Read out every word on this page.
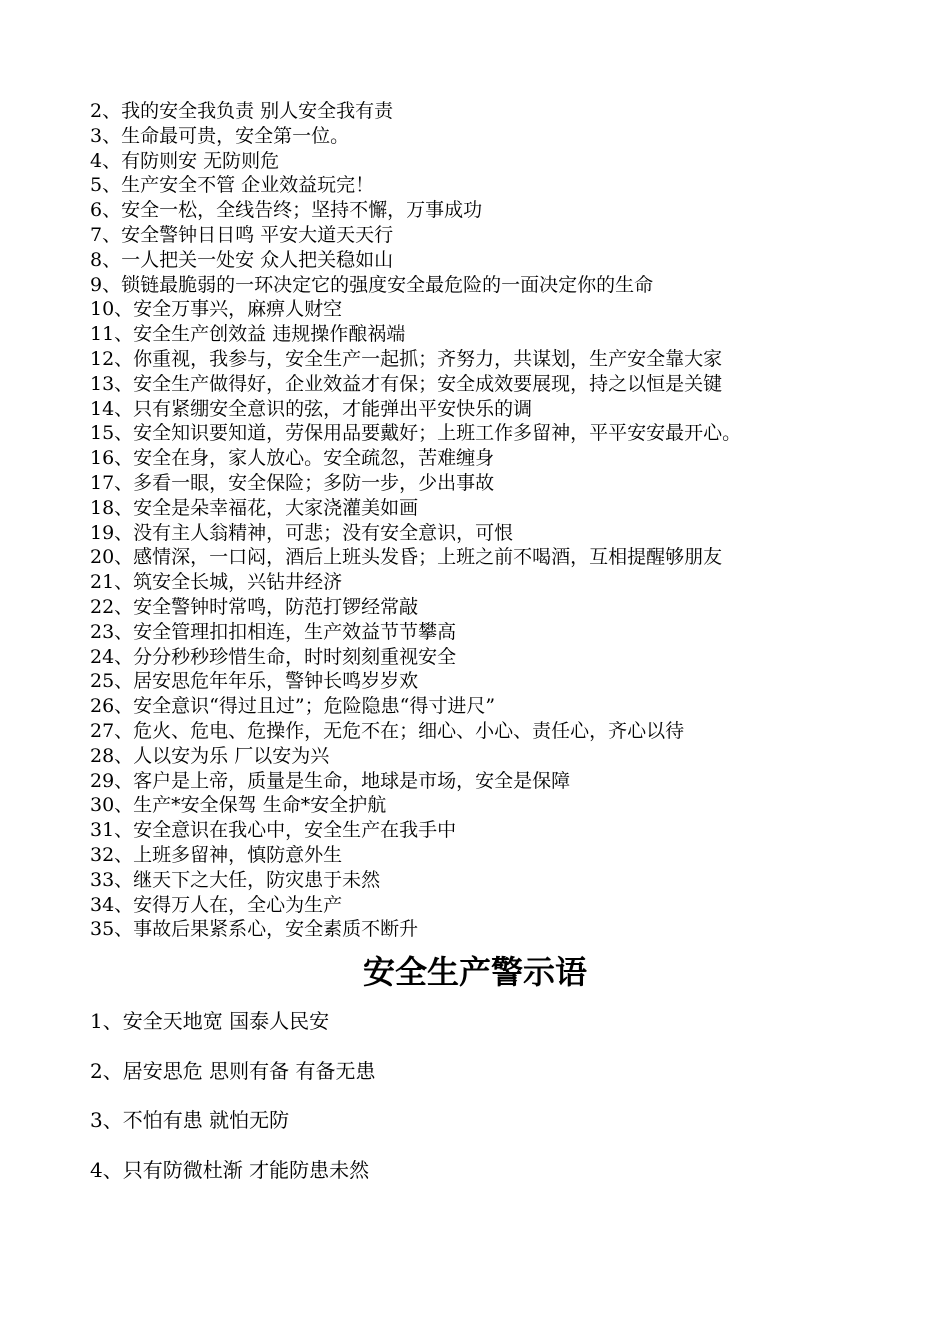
2、我的安全我负责 别人安全我有责
3、生命最可贵，安全第一位。
4、有防则安 无防则危
5、生产安全不管 企业效益玩完！
6、安全一松，全线告终；坚持不懈，万事成功
7、安全警钟日日鸣 平安大道天天行
8、一人把关一处安 众人把关稳如山
9、锁链最脆弱的一环决定它的强度安全最危险的一面决定你的生命
10、安全万事兴，麻痹人财空
11、安全生产创效益 违规操作酿祸端
12、你重视，我参与，安全生产一起抓；齐努力，共谋划，生产安全靠大家
13、安全生产做得好，企业效益才有保；安全成效要展现，持之以恒是关键
14、只有紧绷安全意识的弦，才能弹出平安快乐的调
15、安全知识要知道，劳保用品要戴好；上班工作多留神，平平安安最开心。
16、安全在身，家人放心。安全疏忽，苦难缠身
17、多看一眼，安全保险；多防一步，少出事故
18、安全是朵幸福花，大家浇灌美如画
19、没有主人翁精神，可悲；没有安全意识，可恨
20、感情深，一口闷，酒后上班头发昏；上班之前不喝酒，互相提醒够朋友
21、筑安全长城，兴钻井经济
22、安全警钟时常鸣，防范打锣经常敲
23、安全管理扣扣相连，生产效益节节攀高
24、分分秒秒珍惜生命，时时刻刻重视安全
25、居安思危年年乐，警钟长鸣岁岁欢
26、安全意识“得过且过”；危险隐患“得寸进尺”
27、危火、危电、危操作，无危不在；细心、小心、责任心，齐心以待
28、人以安为乐 厂以安为兴
29、客户是上帝，质量是生命，地球是市场，安全是保障
30、生产*安全保驾 生命*安全护航
31、安全意识在我心中，安全生产在我手中
32、上班多留神，慎防意外生
33、继天下之大任，防灾患于未然
34、安得万人在，全心为生产
35、事故后果紧系心，安全素质不断升
安全生产警示语
1、安全天地宽 国泰人民安
2、居安思危 思则有备 有备无患
3、不怕有患 就怕无防
4、只有防微杜渐 才能防患未然
